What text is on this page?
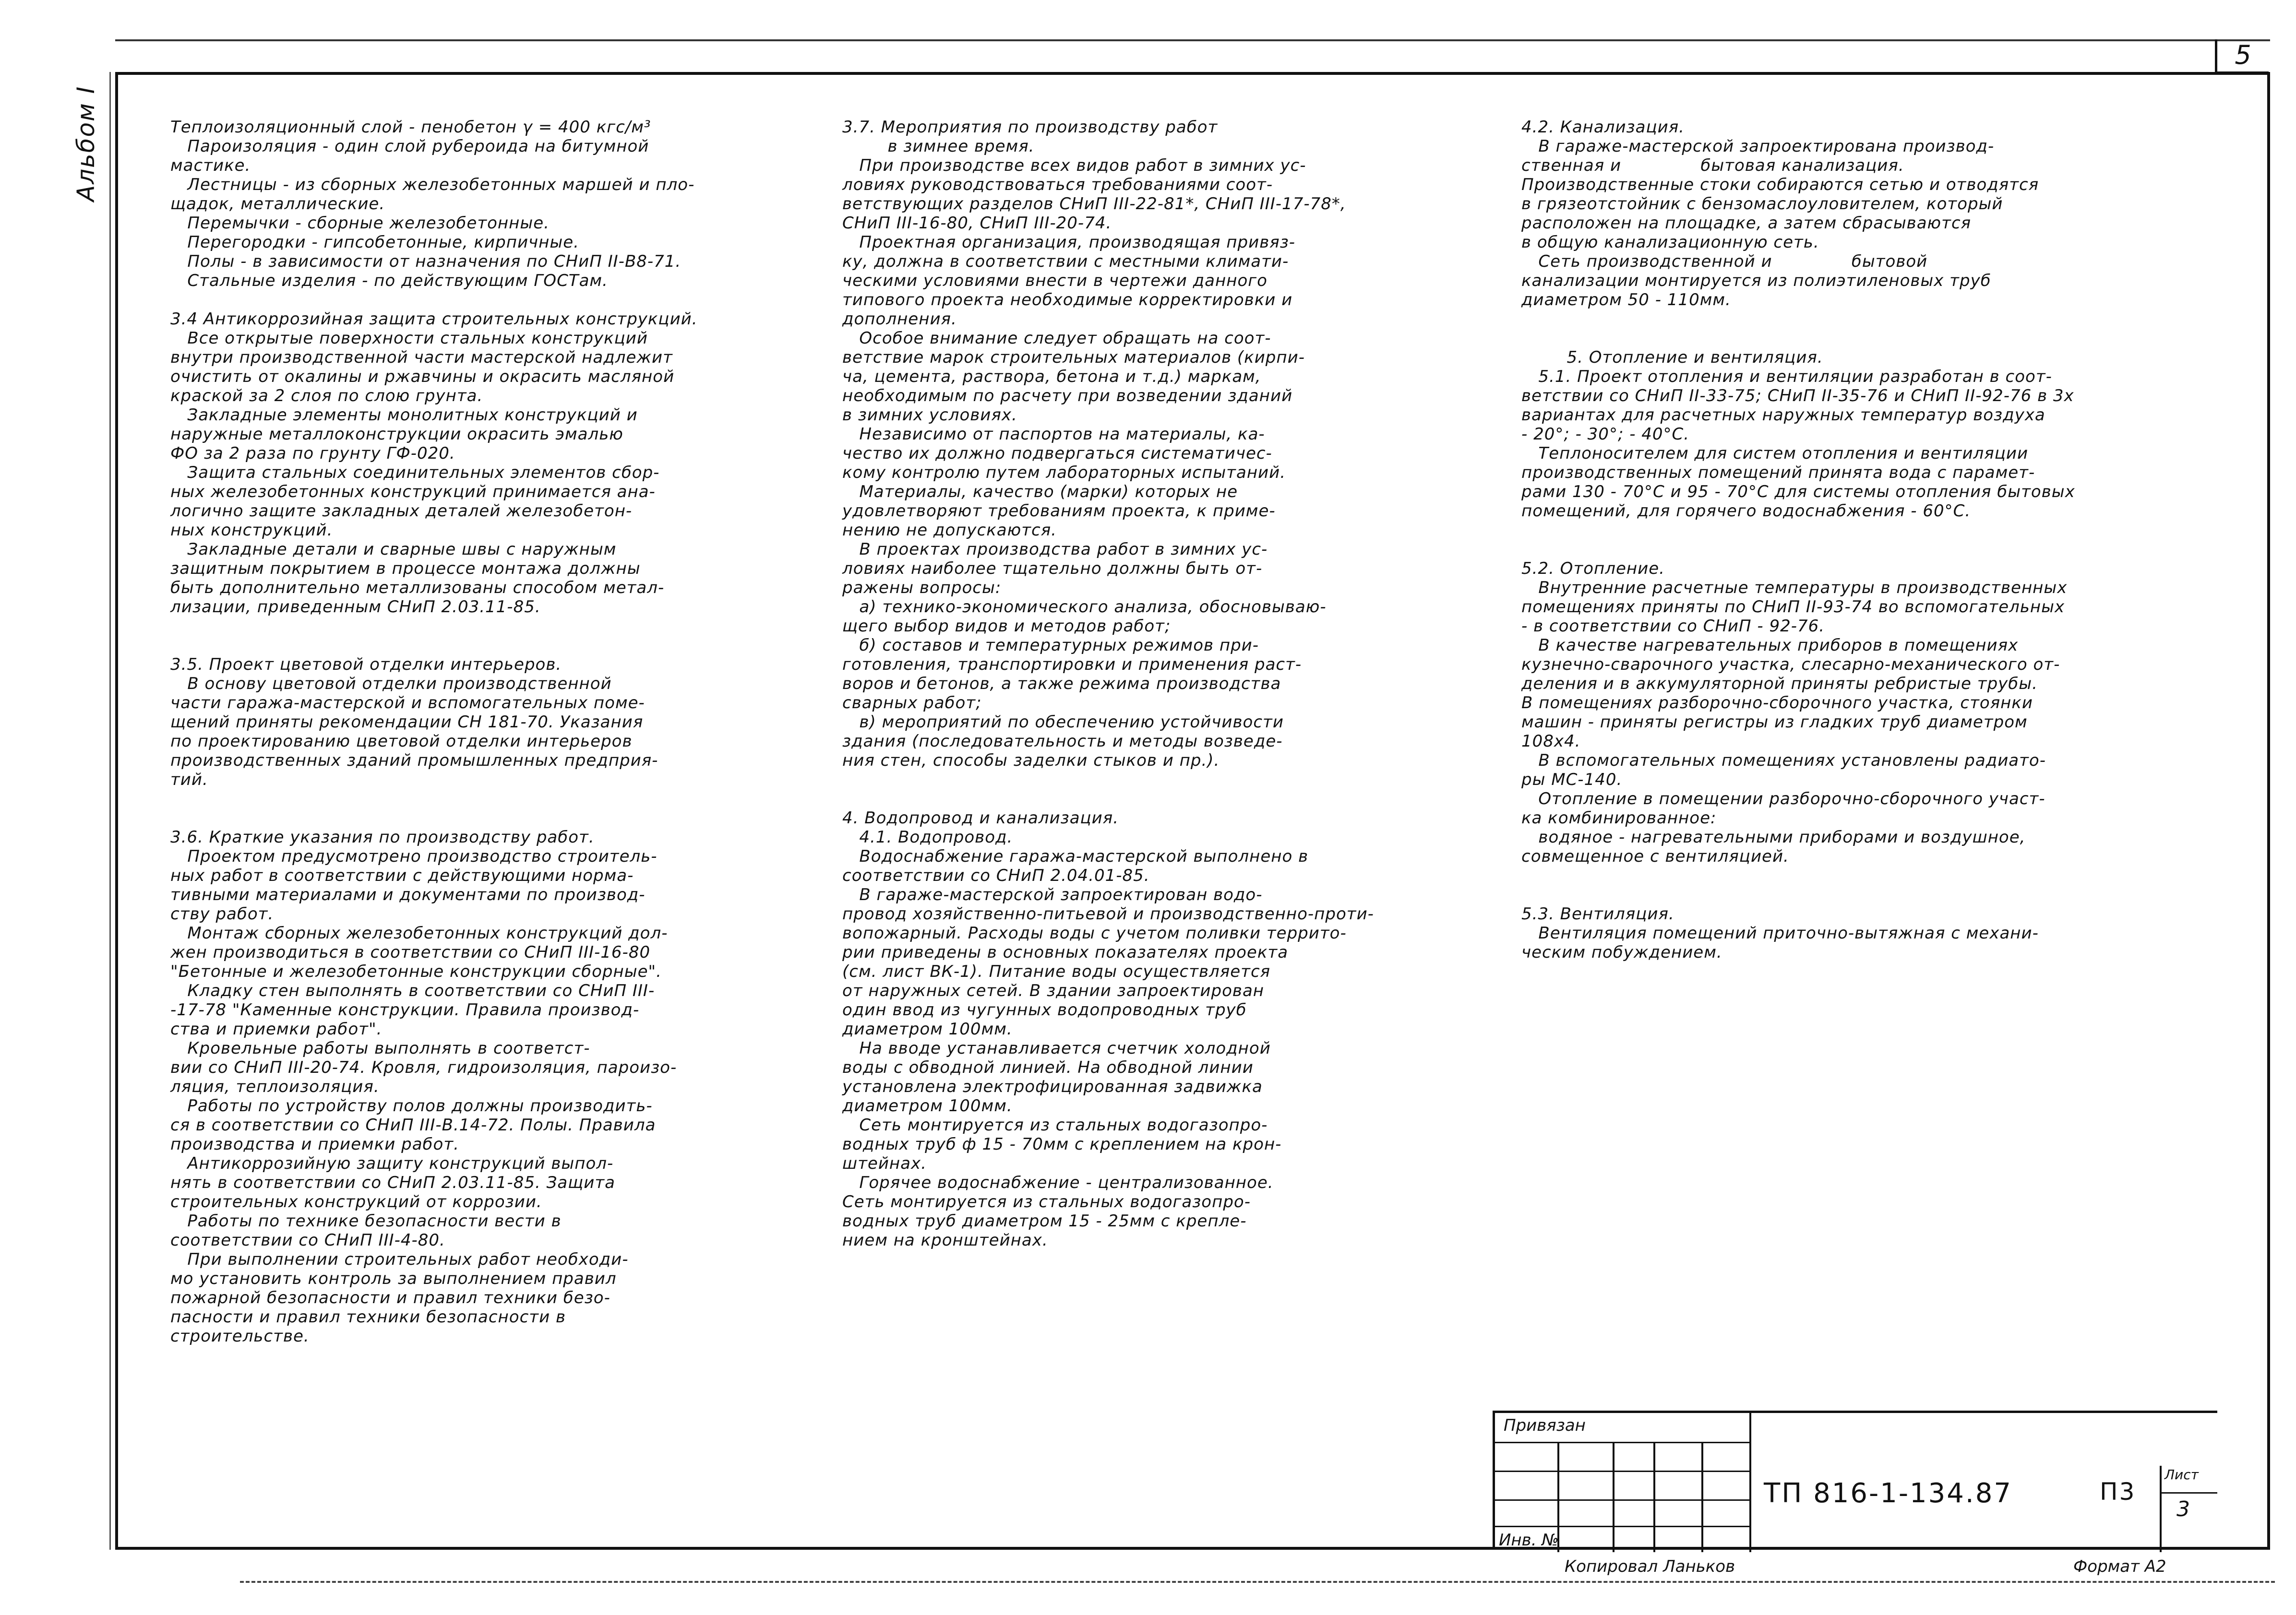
Альбом I
5
Теплоизоляционный слой - пенобетон γ = 400 кгс/м³
Пароизоляция - один слой рубероида на битумной
мастике.
Лестницы - из сборных железобетонных маршей и пло-
щадок, металлические.
Перемычки - сборные железобетонные.
Перегородки - гипсобетонные, кирпичные.
Полы - в зависимости от назначения по СНиП II-В8-71.
Стальные изделия - по действующим ГОСТам.

3.4 Антикоррозийная защита строительных конструкций.
Все открытые поверхности стальных конструкций
внутри производственной части мастерской надлежит
очистить от окалины и ржавчины и окрасить масляной
краской за 2 слоя по слою грунта.
Закладные элементы монолитных конструкций и
наружные металлоконструкции окрасить эмалью
ФО за 2 раза по грунту ГФ-020.
Защита стальных соединительных элементов сбор-
ных железобетонных конструкций принимается ана-
логично защите закладных деталей железобетон-
ных конструкций.
Закладные детали и сварные швы с наружным
защитным покрытием в процессе монтажа должны
быть дополнительно металлизованы способом метал-
лизации, приведенным СНиП 2.03.11-85.

3.5. Проект цветовой отделки интерьеров.
В основу цветовой отделки производственной
части гаража-мастерской и вспомогательных поме-
щений приняты рекомендации СН 181-70. Указания
по проектированию цветовой отделки интерьеров
производственных зданий промышленных предприя-
тий.

3.6. Краткие указания по производству работ.
Проектом предусмотрено производство строитель-
ных работ в соответствии с действующими норма-
тивными материалами и документами по производ-
ству работ.
Монтаж сборных железобетонных конструкций дол-
жен производиться в соответствии со СНиП III-16-80
"Бетонные и железобетонные конструкции сборные".
Кладку стен выполнять в соответствии со СНиП III-
-17-78 "Каменные конструкции. Правила производ-
ства и приемки работ".
Кровельные работы выполнять в соответст-
вии со СНиП III-20-74. Кровля, гидроизоляция, пароизо-
ляция, теплоизоляция.
Работы по устройству полов должны производить-
ся в соответствии со СНиП III-В.14-72. Полы. Правила
производства и приемки работ.
Антикоррозийную защиту конструкций выпол-
нять в соответствии со СНиП 2.03.11-85. Защита
строительных конструкций от коррозии.
Работы по технике безопасности вести в
соответствии со СНиП III-4-80.
При выполнении строительных работ необходи-
мо установить контроль за выполнением правил
пожарной безопасности и правил техники безо-
пасности и правил техники безопасности в
строительстве.
3.7. Мероприятия по производству работ
в зимнее время.
При производстве всех видов работ в зимних ус-
ловиях руководствоваться требованиями соот-
ветствующих разделов СНиП III-22-81*, СНиП III-17-78*,
СНиП III-16-80, СНиП III-20-74.
Проектная организация, производящая привяз-
ку, должна в соответствии с местными климати-
ческими условиями внести в чертежи данного
типового проекта необходимые корректировки и
дополнения.
Особое внимание следует обращать на соот-
ветствие марок строительных материалов (кирпи-
ча, цемента, раствора, бетона и т.д.) маркам,
необходимым по расчету при возведении зданий
в зимних условиях.
Независимо от паспортов на материалы, ка-
чество их должно подвергаться систематичес-
кому контролю путем лабораторных испытаний.
Материалы, качество (марки) которых не
удовлетворяют требованиям проекта, к приме-
нению не допускаются.
В проектах производства работ в зимних ус-
ловиях наиболее тщательно должны быть от-
ражены вопросы:
а) технико-экономического анализа, обосновываю-
щего выбор видов и методов работ;
б) составов и температурных режимов при-
готовления, транспортировки и применения раст-
воров и бетонов, а также режима производства
сварных работ;
в) мероприятий по обеспечению устойчивости
здания (последовательность и методы возведе-
ния стен, способы заделки стыков и пр.).

4. Водопровод и канализация.
4.1. Водопровод.
Водоснабжение гаража-мастерской выполнено в
соответствии со СНиП 2.04.01-85.
В гараже-мастерской запроектирован водо-
провод хозяйственно-питьевой и производственно-проти-
вопожарный. Расходы воды с учетом поливки террито-
рии приведены в основных показателях проекта
(см. лист ВК-1). Питание воды осуществляется
от наружных сетей. В здании запроектирован
один ввод из чугунных водопроводных труб
диаметром 100мм.
На вводе устанавливается счетчик холодной
воды с обводной линией. На обводной линии
установлена электрофицированная задвижка
диаметром 100мм.
Сеть монтируется из стальных водогазопро-
водных труб ф 15 - 70мм с креплением на крон-
штейнах.
Горячее водоснабжение - централизованное.
Сеть монтируется из стальных водогазопро-
водных труб диаметром 15 - 25мм с крепле-
нием на кронштейнах.
4.2. Канализация.
В гараже-мастерской запроектирована производ-
ственная и              бытовая канализация.
Производственные стоки собираются сетью и отводятся
в грязеотстойник с бензомаслоуловителем, который
расположен на площадке, а затем сбрасываются
в общую канализационную сеть.
Сеть производственной и              бытовой
канализации монтируется из полиэтиленовых труб
диаметром 50 - 110мм.

5. Отопление и вентиляция.
5.1. Проект отопления и вентиляции разработан в соот-
ветствии со СНиП II-33-75; СНиП II-35-76 и СНиП II-92-76 в 3х
вариантах для расчетных наружных температур воздуха
- 20°; - 30°; - 40°С.
Теплоносителем для систем отопления и вентиляции
производственных помещений принята вода с парамет-
рами 130 - 70°С и 95 - 70°С для системы отопления бытовых
помещений, для горячего водоснабжения - 60°С.

5.2. Отопление.
Внутренние расчетные температуры в производственных
помещениях приняты по СНиП II-93-74 во вспомогательных
- в соответствии со СНиП - 92-76.
В качестве нагревательных приборов в помещениях
кузнечно-сварочного участка, слесарно-механического от-
деления и в аккумуляторной приняты ребристые трубы.
В помещениях разборочно-сборочного участка, стоянки
машин - приняты регистры из гладких труб диаметром
108х4.
В вспомогательных помещениях установлены радиато-
ры МС-140.
Отопление в помещении разборочно-сборочного участ-
ка комбинированное:
водяное - нагревательными приборами и воздушное,
совмещенное с вентиляцией.

5.3. Вентиляция.
Вентиляция помещений приточно-вытяжная с механи-
ческим побуждением.
Привязан
Инв. №
ТП 816-1-134.87	П3
Лист
3
Копировал Ланьков	Формат А2
